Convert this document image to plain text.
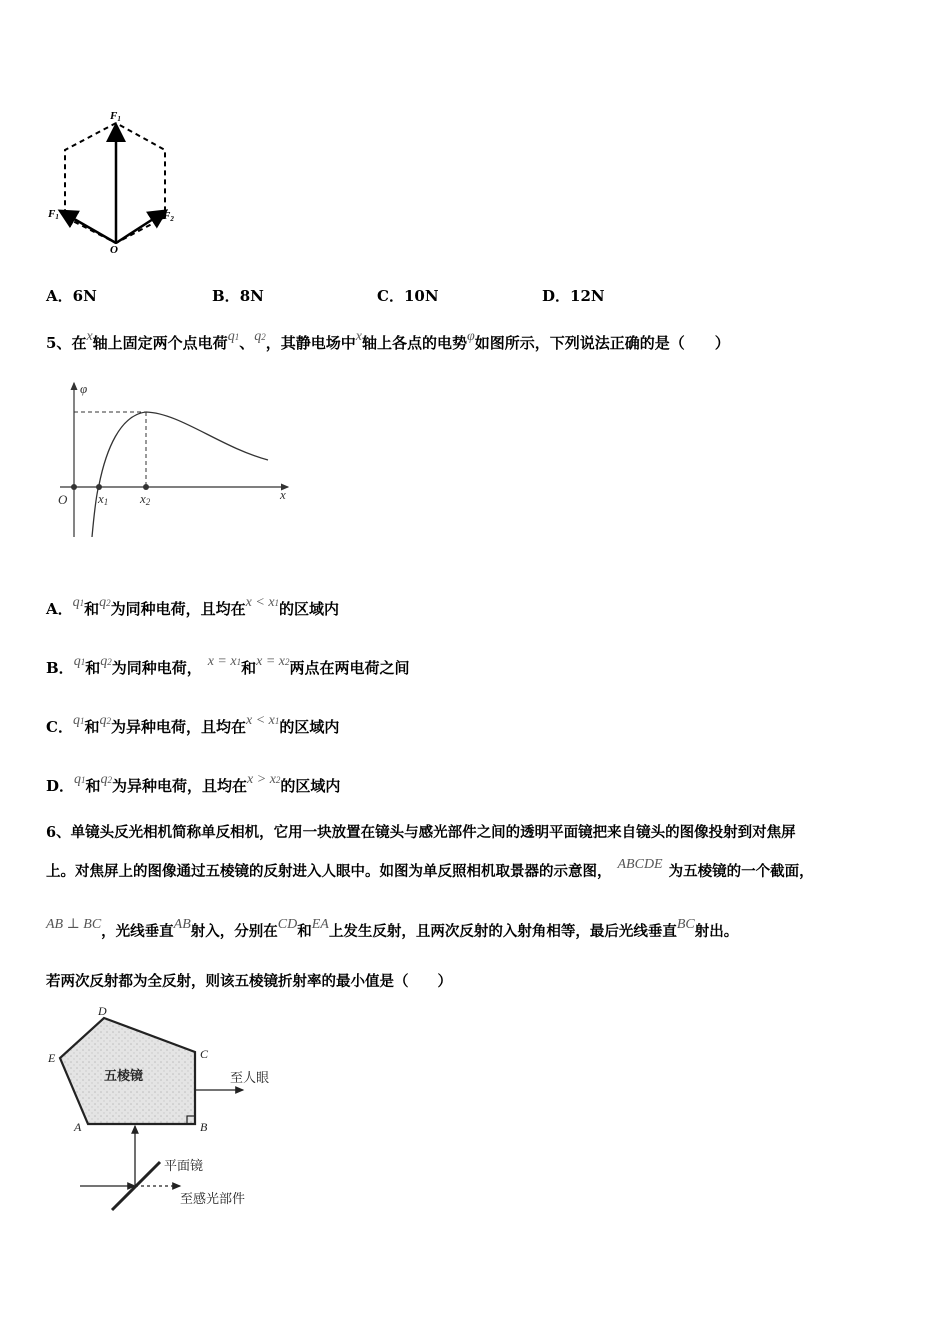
F1
F1	F2
O
A．6N	B．8N	C．10N	D．12N
5、在x轴上固定两个点电荷q1、q2，其静电场中x轴上各点的电势φ如图所示，下列说法正确的是（　　）
φ
x
O x1 x2
A．q1和q2为同种电荷，且均在x < x1的区域内
B．q1和q2为同种电荷， x = x1和x = x2两点在两电荷之间
C．q1和q2为异种电荷，且均在x < x1的区域内
D．q1和q2为异种电荷，且均在x > x2的区域内
6、单镜头反光相机简称单反相机，它用一块放置在镜头与感光部件之间的透明平面镜把来自镜头的图像投射到对焦屏
上。对焦屏上的图像通过五棱镜的反射进入人眼中。如图为单反照相机取景器的示意图， ABCDE 为五棱镜的一个截面，
AB ⊥ BC，光线垂直AB射入，分别在CD和EA上发生反射，且两次反射的入射角相等，最后光线垂直BC射出。
若两次反射都为全反射，则该五棱镜折射率的最小值是（　　）
D
C
E
A	B
五棱镜	至人眼
平面镜
至感光部件
